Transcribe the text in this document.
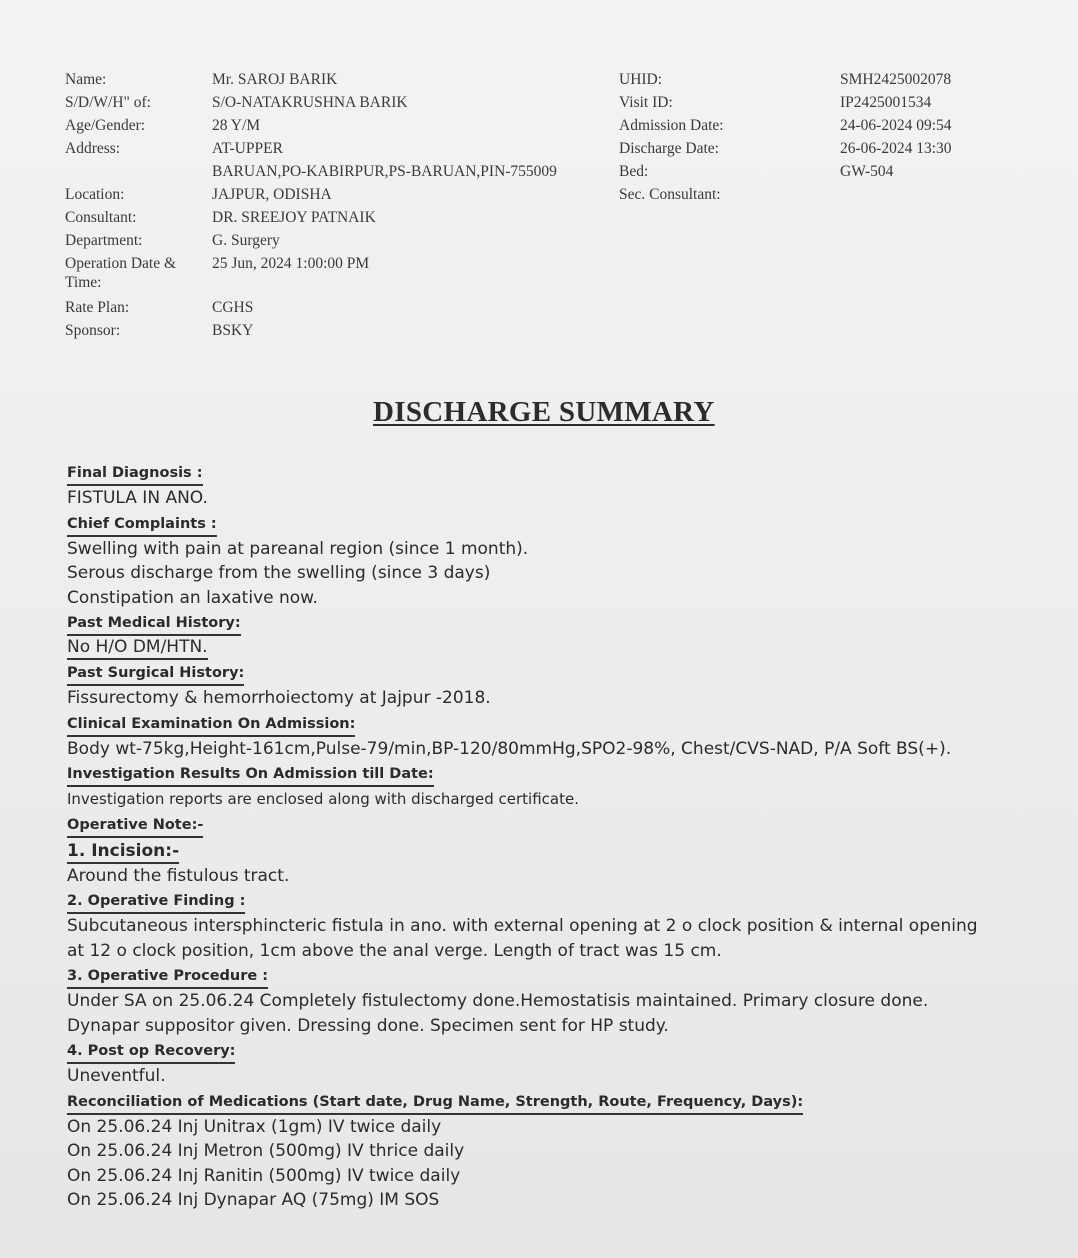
Name:
S/D/W/H" of:
Age/Gender:
Address:
Location:
Consultant:
Department:
Operation Date &
Time:
Rate Plan:
Sponsor:
Mr. SAROJ BARIK
S/O-NATAKRUSHNA BARIK
28 Y/M
AT-UPPER
BARUAN,PO-KABIRPUR,PS-BARUAN,PIN-755009
JAJPUR, ODISHA
DR. SREEJOY PATNAIK
G. Surgery
25 Jun, 2024 1:00:00 PM
CGHS
BSKY
UHID:
Visit ID:
Admission Date:
Discharge Date:
Bed:
Sec. Consultant:
SMH2425002078
IP2425001534
24-06-2024 09:54
26-06-2024 13:30
GW-504
DISCHARGE SUMMARY
Final Diagnosis :
FISTULA IN ANO.
Chief Complaints :
Swelling with pain at pareanal region (since 1 month).
Serous discharge from the swelling (since 3 days)
Constipation an laxative now.
Past Medical History:
No H/O DM/HTN.
Past Surgical History:
Fissurectomy & hemorrhoiectomy at Jajpur -2018.
Clinical Examination On Admission:
Body wt-75kg,Height-161cm,Pulse-79/min,BP-120/80mmHg,SPO2-98%, Chest/CVS-NAD, P/A Soft BS(+).
Investigation Results On Admission till Date:
Investigation reports are enclosed along with discharged certificate.
Operative Note:-
1. Incision:-
Around the fistulous tract.
2. Operative Finding :
Subcutaneous intersphincteric fistula in ano. with external opening at 2 o clock position & internal opening
at 12 o clock position, 1cm above the anal verge. Length of tract was 15 cm.
3. Operative Procedure :
Under SA on 25.06.24 Completely fistulectomy done.Hemostatisis maintained. Primary closure done.
Dynapar suppositor given. Dressing done. Specimen sent for HP study.
4. Post op Recovery:
Uneventful.
Reconciliation of Medications (Start date, Drug Name, Strength, Route, Frequency, Days):
On 25.06.24 Inj Unitrax (1gm) IV twice daily
On 25.06.24 Inj Metron (500mg) IV thrice daily
On 25.06.24 Inj Ranitin (500mg) IV twice daily
On 25.06.24 Inj Dynapar AQ (75mg) IM SOS
